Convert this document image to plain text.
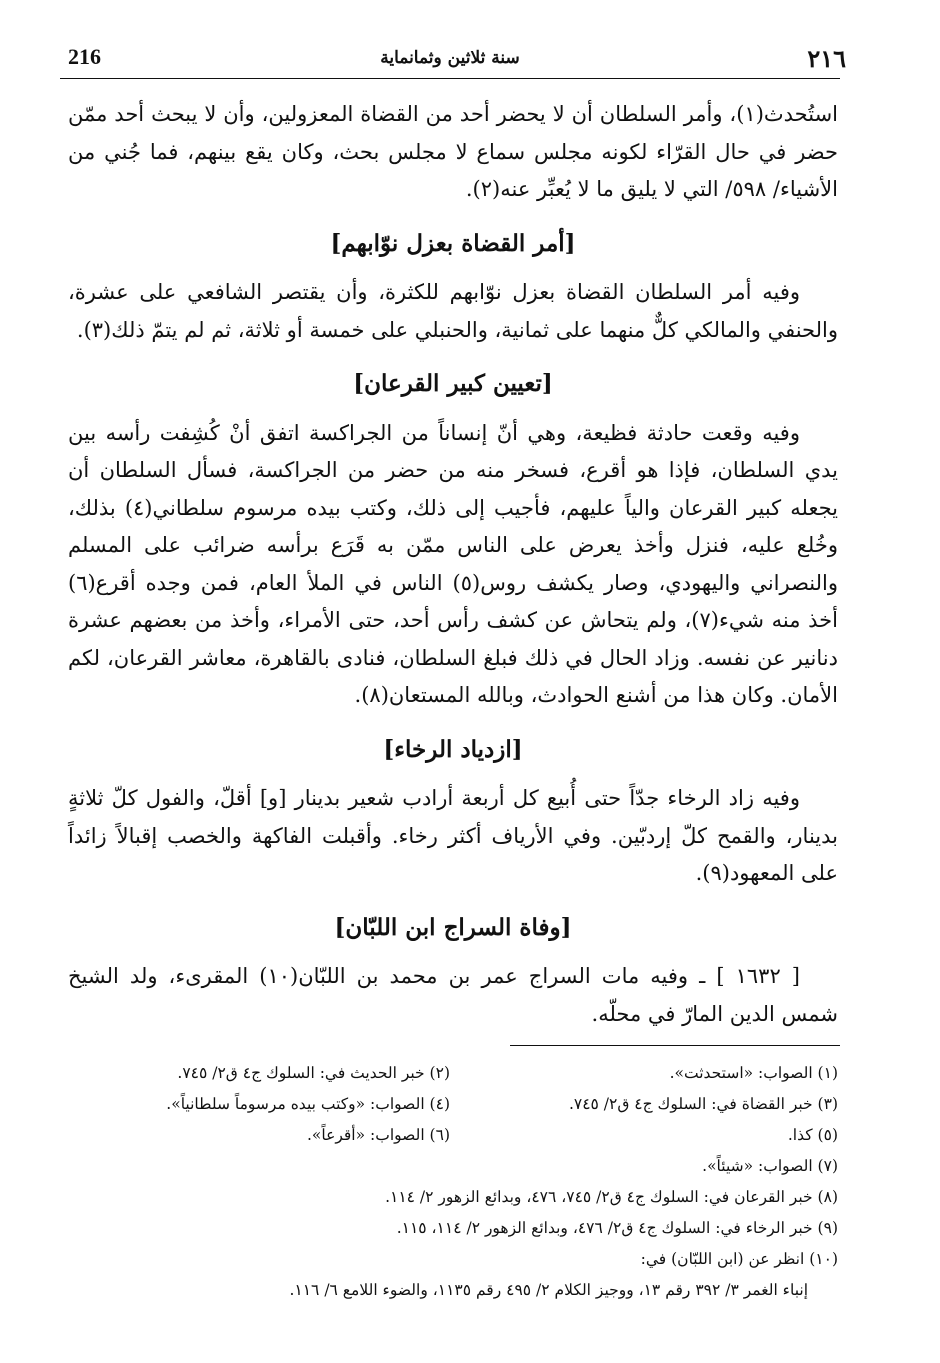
216	سنة ثلاثين وثمانماية	٢١٦

استُحدث(١)، وأمر السلطان أن لا يحضر أحد من القضاة المعزولين، وأن لا يبحث أحد ممّن حضر في حال القرّاء لكونه مجلس سماع لا مجلس بحث، وكان يقع بينهم، فما جُني من الأشياء/ ٥٩٨/ التي لا يليق ما لا يُعبِّر عنه(٢).

[أمر القضاة بعزل نوّابهم]

وفيه أمر السلطان القضاة بعزل نوّابهم للكثرة، وأن يقتصر الشافعي على عشرة، والحنفي والمالكي كلٌّ منهما على ثمانية، والحنبلي على خمسة أو ثلاثة، ثم لم يتمّ ذلك(٣).

[تعيين كبير القرعان]

وفيه وقعت حادثة فظيعة، وهي أنّ إنساناً من الجراكسة اتفق أنْ كُشِفت رأسه بين يدي السلطان، فإذا هو أقرع، فسخر منه من حضر من الجراكسة، فسأل السلطان أن يجعله كبير القرعان والياً عليهم، فأجيب إلى ذلك، وكتب بيده مرسوم سلطاني(٤) بذلك، وخُلع عليه، فنزل وأخذ يعرض على الناس ممّن به قَرَع برأسه ضرائب على المسلم والنصراني واليهودي، وصار يكشف روس(٥) الناس في الملأ العام، فمن وجده أقرع(٦) أخذ منه شيء(٧)، ولم يتحاش عن كشف رأس أحد، حتى الأمراء، وأخذ من بعضهم عشرة دنانير عن نفسه. وزاد الحال في ذلك فبلغ السلطان، فنادى بالقاهرة، معاشر القرعان، لكم الأمان. وكان هذا من أشنع الحوادث، وبالله المستعان(٨).

[ازدياد الرخاء]

وفيه زاد الرخاء جدّاً حتى أُبيع كل أربعة أرادب شعير بدينار [و] أقلّ، والفول كلّ ثلاثةٍ بدينار، والقمح كلّ إردبّين. وفي الأرياف أكثر رخاء. وأقبلت الفاكهة والخصب إقبالاً زائداً على المعهود(٩).

[وفاة السراج ابن اللبّان]

[ ١٦٣٢ ] ـ وفيه مات السراج عمر بن محمد بن اللبّان(١٠) المقرىء، ولد الشيخ شمس الدين المارّ في محلّه.

(١) الصواب: «استحدثت».
(٢) خبر الحديث في: السلوك ج٤ ق٢/ ٧٤٥.
(٣) خبر القضاة في: السلوك ج٤ ق٢/ ٧٤٥.
(٤) الصواب: «وكتب بيده مرسوماً سلطانياً».
(٥) كذا.
(٦) الصواب: «أقرعاً».
(٧) الصواب: «شيئاً».
(٨) خبر القرعان في: السلوك ج٤ ق٢/ ٧٤٥، ٤٧٦، وبدائع الزهور ٢/ ١١٤.
(٩) خبر الرخاء في: السلوك ج٤ ق٢/ ٤٧٦، وبدائع الزهور ٢/ ١١٤، ١١٥.
(١٠) انظر عن (ابن اللبّان) في:
إنباء الغمر ٣/ ٣٩٢ رقم ١٣، ووجيز الكلام ٢/ ٤٩٥ رقم ١١٣٥، والضوء اللامع ٦/ ١١٦.
